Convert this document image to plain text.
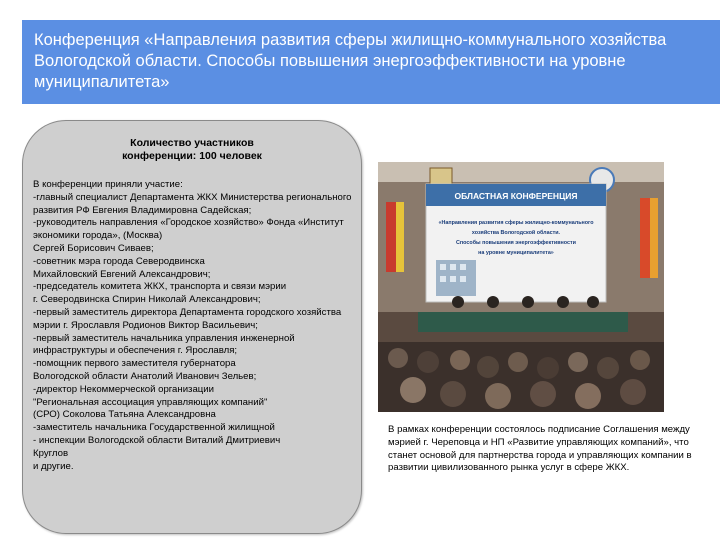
Конференция «Направления развития сферы жилищно-коммунального хозяйства Вологодской области. Способы повышения энергоэффективности на уровне муниципалитета»
Количество участников
конференции: 100 человек
В конференции приняли участие:
-главный специалист Департамента ЖКХ Министерства регионального развития РФ Евгения Владимировна Садейская;
-руководитель направления «Городское хозяйство» Фонда «Институт экономики города», (Москва)
Сергей Борисович Сиваев;
-советник мэра города Северодвинска
Михайловский Евгений Александрович;
-председатель комитета ЖКХ, транспорта и связи мэрии
г. Северодвинска Спирин Николай Александрович;
-первый заместитель директора Департамента городского хозяйства мэрии г. Ярославля Родионов Виктор Васильевич;
-первый заместитель начальника управления инженерной инфраструктуры и обеспечения г. Ярославля;
-помощник первого заместителя губернатора
Вологодской области Анатолий Иванович Зельев;
-директор Некоммерческой организации
"Региональная ассоциация управляющих компаний"
(СРО) Соколова Татьяна Александровна
-заместитель начальника Государственной жилищной
- инспекции Вологодской области Виталий Дмитриевич
Круглов
и другие.
ОБЛАСТНАЯ КОНФЕРЕНЦИЯ
«Направления развития сферы жилищно-коммунального
хозяйства Вологодской области.
Способы повышения энергоэффективности
на уровне муниципалитета»
В рамках конференции состоялось подписание Соглашения между мэрией г. Череповца и НП «Развитие управляющих компаний», что станет основой для партнерства города и управляющих компании в развитии цивилизованного рынка услуг в сфере ЖКХ.
